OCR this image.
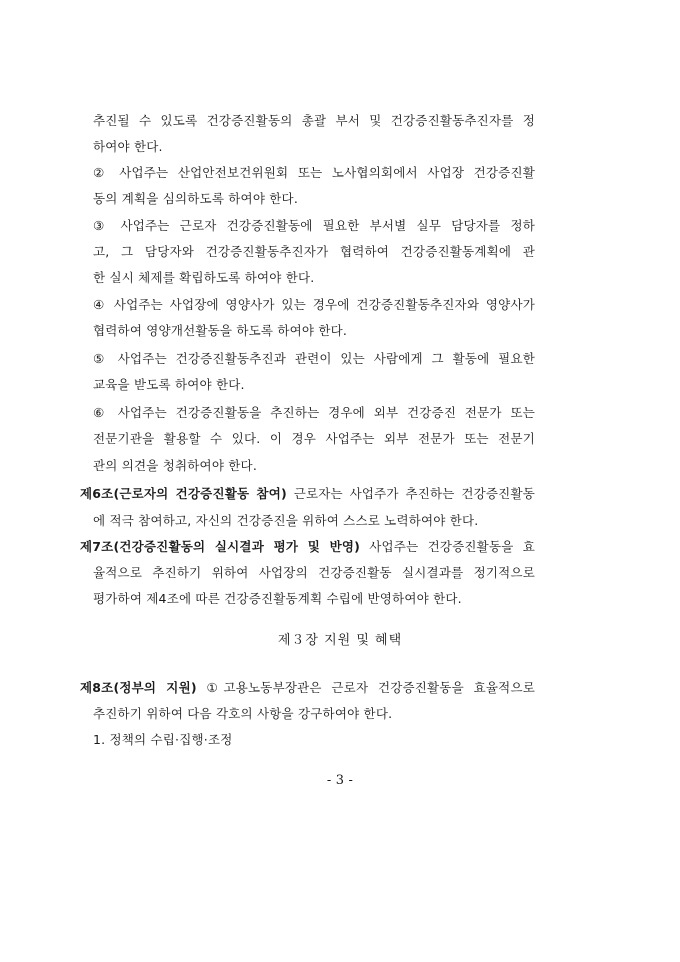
추진될 수 있도록 건강증진활동의 총괄 부서 및 건강증진활동추진자를 정
하여야 한다.
② 사업주는 산업안전보건위원회 또는 노사협의회에서 사업장 건강증진활
동의 계획을 심의하도록 하여야 한다.
③ 사업주는 근로자 건강증진활동에 필요한 부서별 실무 담당자를 정하
고, 그 담당자와 건강증진활동추진자가 협력하여 건강증진활동계획에 관
한 실시 체제를 확립하도록 하여야 한다.
④ 사업주는 사업장에 영양사가 있는 경우에 건강증진활동추진자와 영양사가
협력하여 영양개선활동을 하도록 하여야 한다.
⑤ 사업주는 건강증진활동추진과 관련이 있는 사람에게 그 활동에 필요한
교육을 받도록 하여야 한다.
⑥ 사업주는 건강증진활동을 추진하는 경우에 외부 건강증진 전문가 또는
전문기관을 활용할 수 있다. 이 경우 사업주는 외부 전문가 또는 전문기
관의 의견을 청취하여야 한다.
제6조(근로자의 건강증진활동 참여) 근로자는 사업주가 추진하는 건강증진활동
에 적극 참여하고, 자신의 건강증진을 위하여 스스로 노력하여야 한다.
제7조(건강증진활동의 실시결과 평가 및 반영) 사업주는 건강증진활동을 효
율적으로 추진하기 위하여 사업장의 건강증진활동 실시결과를 정기적으로
평가하여 제4조에 따른 건강증진활동계획 수립에 반영하여야 한다.
제３장 지원 및 혜택
제8조(정부의 지원) ①고용노동부장관은 근로자 건강증진활동을 효율적으로
추진하기 위하여 다음 각호의 사항을 강구하여야 한다.
1. 정책의 수립·집행·조정
- 3 -
